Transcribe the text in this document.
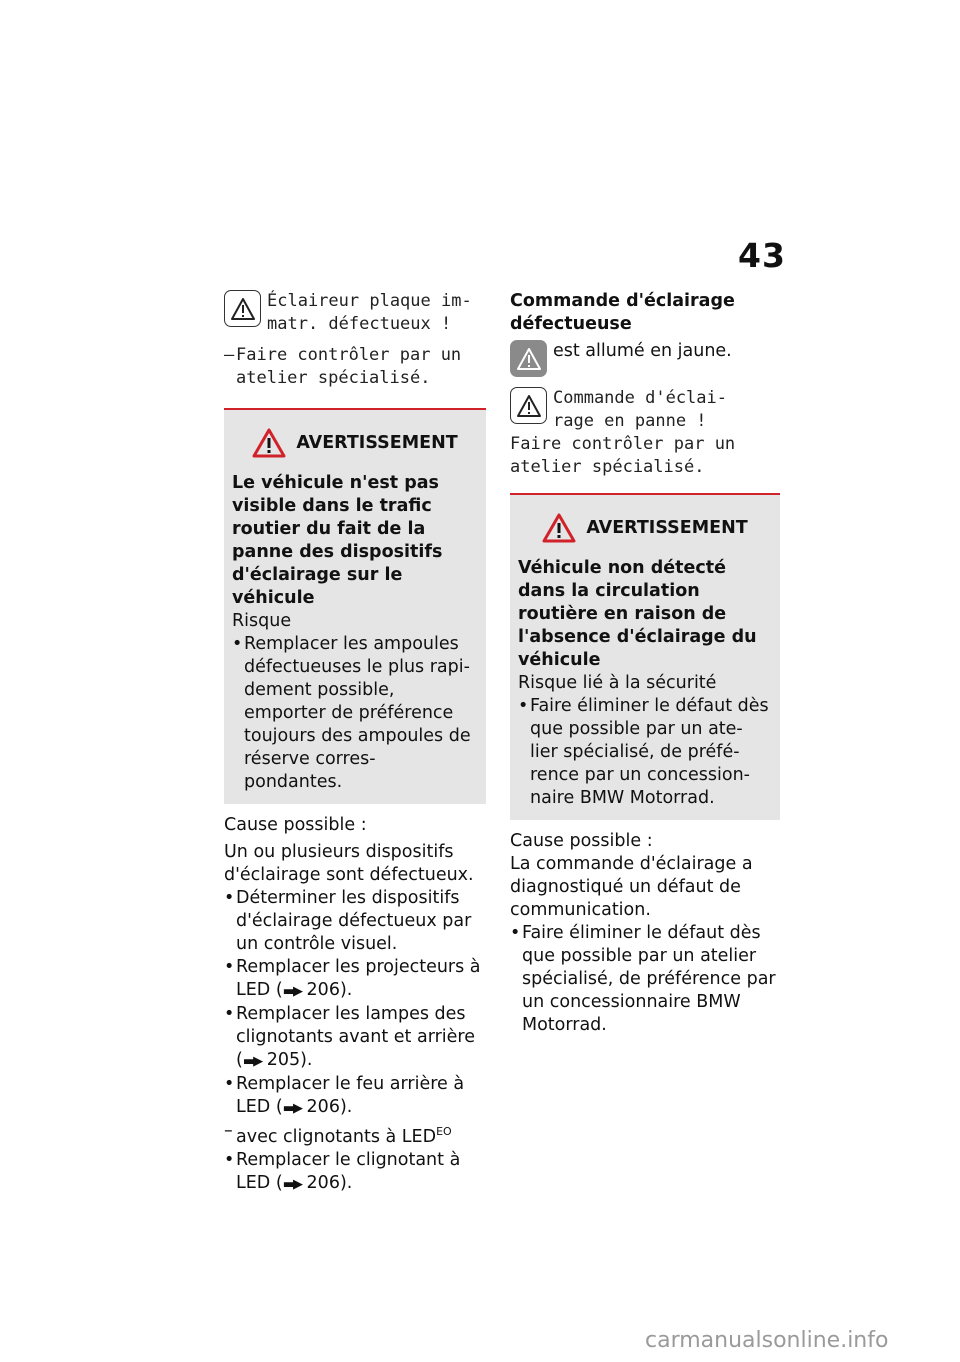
43
Éclaireur plaque im-
matr. défectueux !
– Faire contrôler par un
atelier spécialisé.
AVERTISSEMENT
Le véhicule n'est pas visible dans le trafic routier du fait de la panne des dispositifs d'éclairage sur le véhicule
Risque
• Remplacer les ampoules défectueuses le plus rapi- dement possible, emporter de préférence toujours des ampoules de réserve corres- pondantes.
Cause possible :
Un ou plusieurs dispositifs d'éclairage sont défectueux.
• Déterminer les dispositifs d'éclairage défectueux par un contrôle visuel.
• Remplacer les projecteurs à LED (▬▶ 206).
• Remplacer les lampes des clignotants avant et arrière (▬▶ 205).
• Remplacer le feu arrière à LED (▬▶ 206).
– avec clignotants à $LED^{EO}$
• Remplacer le clignotant à LED (▬▶ 206).
Commande d'éclairage défectueuse
est allumé en jaune.
Commande d'éclai-
rage en panne !
Faire contrôler par un
atelier spécialisé.
AVERTISSEMENT
Véhicule non détecté dans la circulation routière en raison de l'absence d'éclairage du véhicule
Risque lié à la sécurité
• Faire éliminer le défaut dès que possible par un ate- lier spécialisé, de préfé- rence par un concession- naire BMW Motorrad.
Cause possible :
La commande d'éclairage a diagnostiqué un défaut de communication.
• Faire éliminer le défaut dès que possible par un atelier spécialisé, de préférence par un concessionnaire BMW Motorrad.
carmanualsonline.info
